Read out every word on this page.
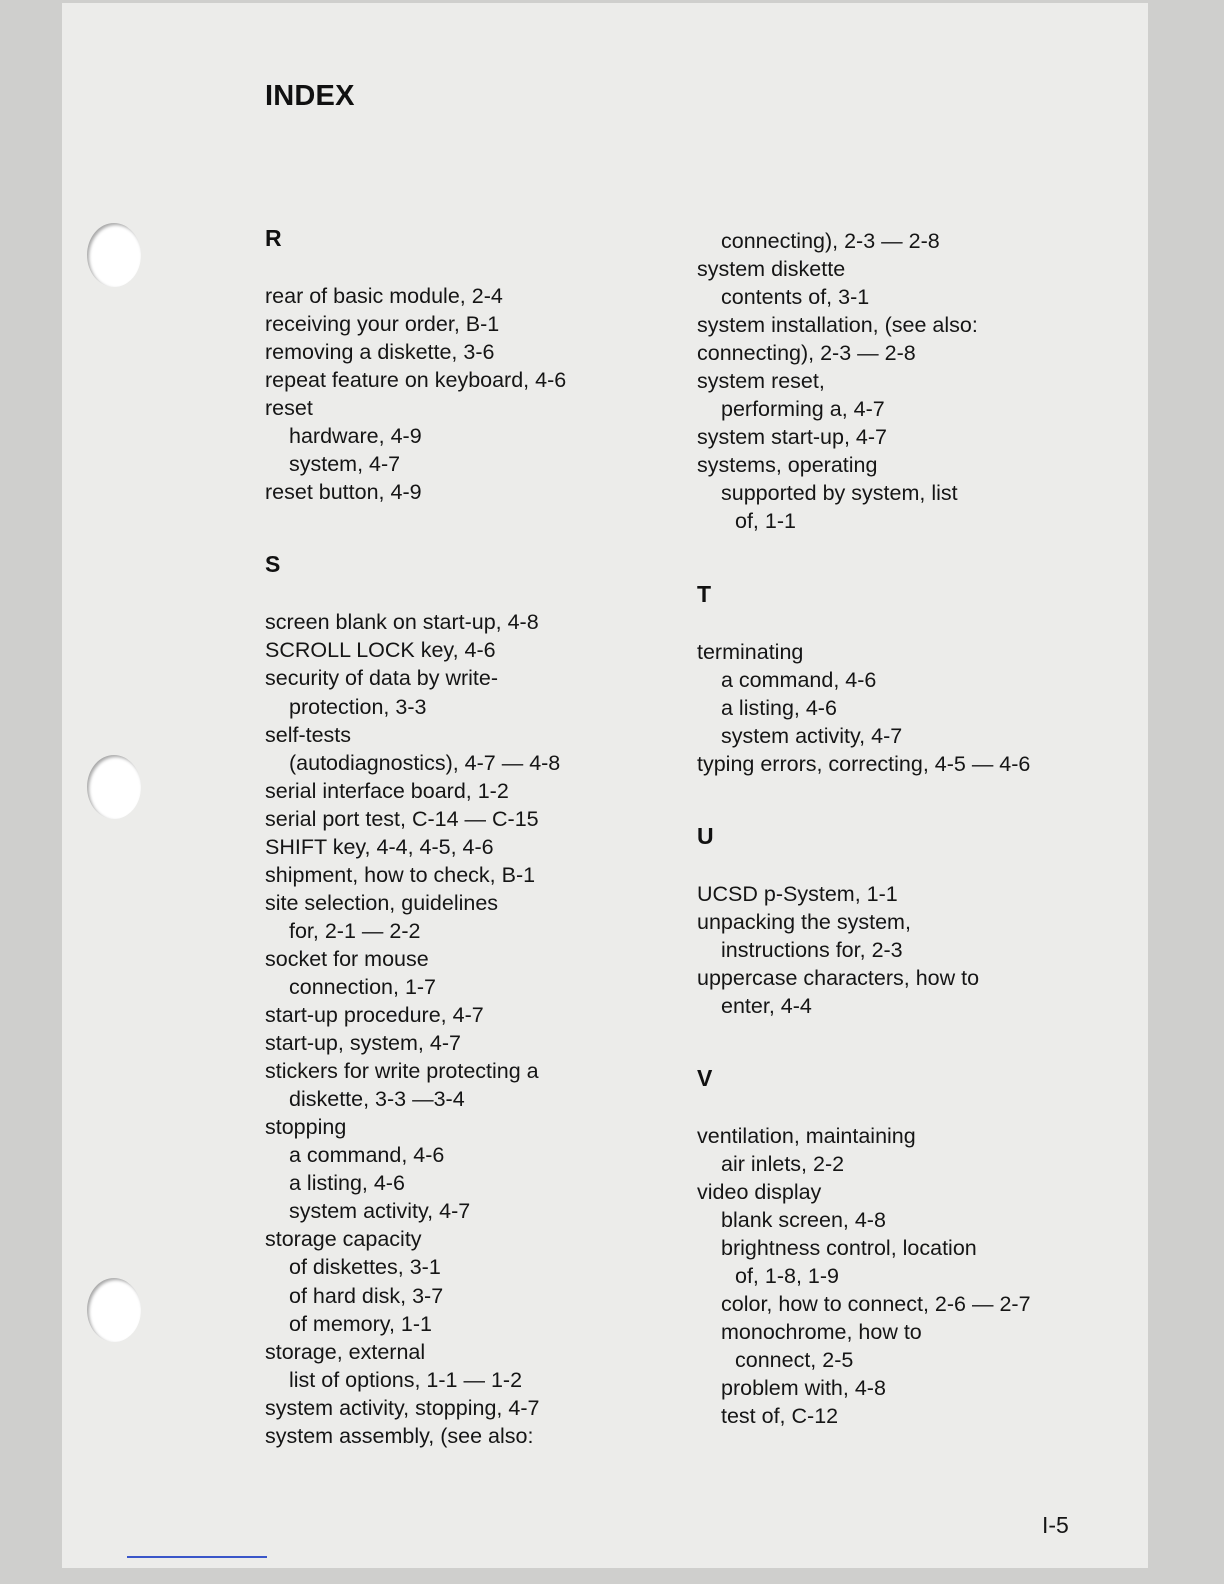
INDEX
R
rear of basic module, 2-4
receiving your order, B-1
removing a diskette, 3-6
repeat feature on keyboard, 4-6
reset
hardware, 4-9
system, 4-7
reset button, 4-9
S
screen blank on start-up, 4-8
SCROLL LOCK key, 4-6
security of data by write-
protection, 3-3
self-tests
(autodiagnostics), 4-7 — 4-8
serial interface board, 1-2
serial port test, C-14 — C-15
SHIFT key, 4-4, 4-5, 4-6
shipment, how to check, B-1
site selection, guidelines
for, 2-1 — 2-2
socket for mouse
connection, 1-7
start-up procedure, 4-7
start-up, system, 4-7
stickers for write protecting a
diskette, 3-3 —3-4
stopping
a command, 4-6
a listing, 4-6
system activity, 4-7
storage capacity
of diskettes, 3-1
of hard disk, 3-7
of memory, 1-1
storage, external
list of options, 1-1 — 1-2
system activity, stopping, 4-7
system assembly, (see also:
connecting), 2-3 — 2-8
system diskette
contents of, 3-1
system installation, (see also:
connecting), 2-3 — 2-8
system reset,
performing a, 4-7
system start-up, 4-7
systems, operating
supported by system, list
of, 1-1
T
terminating
a command, 4-6
a listing, 4-6
system activity, 4-7
typing errors, correcting, 4-5 — 4-6
U
UCSD p-System, 1-1
unpacking the system,
instructions for, 2-3
uppercase characters, how to
enter, 4-4
V
ventilation, maintaining
air inlets, 2-2
video display
blank screen, 4-8
brightness control, location
of, 1-8, 1-9
color, how to connect, 2-6 — 2-7
monochrome, how to
connect, 2-5
problem with, 4-8
test of, C-12
I-5
